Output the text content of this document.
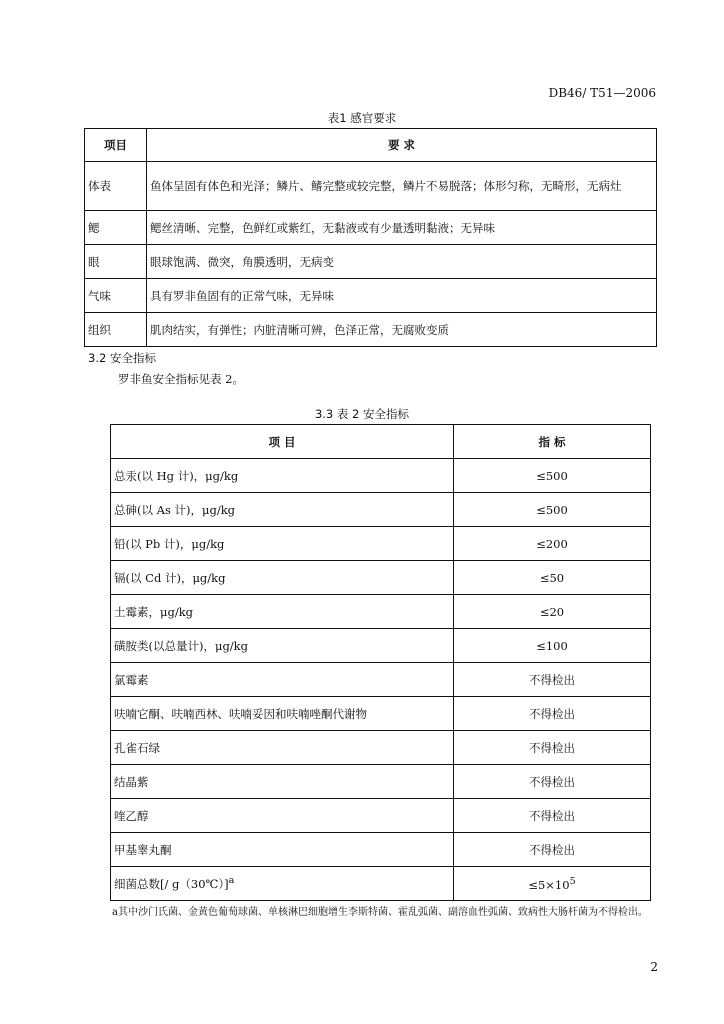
DB46/ T51—2006
表1 感官要求
项目	要 求
体表	鱼体呈固有体色和光泽；鳞片、鳍完整或较完整，鳞片不易脱落；体形匀称，无畸形，无病灶
鳃	鳃丝清晰、完整，色鲜红或紫红，无黏液或有少量透明黏液；无异味
眼	眼球饱满、微突，角膜透明，无病变
气味	具有罗非鱼固有的正常气味，无异味
组织	肌肉结实，有弹性；内脏清晰可辨，色泽正常，无腐败变质
3.2 安全指标
罗非鱼安全指标见表 2。
3.3 表 2 安全指标
项 目	指 标
总汞(以 Hg 计)，μg/kg	≤500
总砷(以 As 计)，μg/kg	≤500
铅(以 Pb 计)，μg/kg	≤200
镉(以 Cd 计)，μg/kg	≤50
土霉素，μg/kg	≤20
磺胺类(以总量计)，μg/kg	≤100
氯霉素	不得检出
呋喃它酮、呋喃西林、呋喃妥因和呋喃唑酮代谢物	不得检出
孔雀石绿	不得检出
结晶紫	不得检出
喹乙醇	不得检出
甲基睾丸酮	不得检出
细菌总数[/ g（30℃）]$^a$	$\le 5\times 10^5$
a其中沙门氏菌、金黄色葡萄球菌、单核淋巴细胞增生李斯特菌、霍乱弧菌、副溶血性弧菌、致病性大肠杆菌为不得检出。
2
